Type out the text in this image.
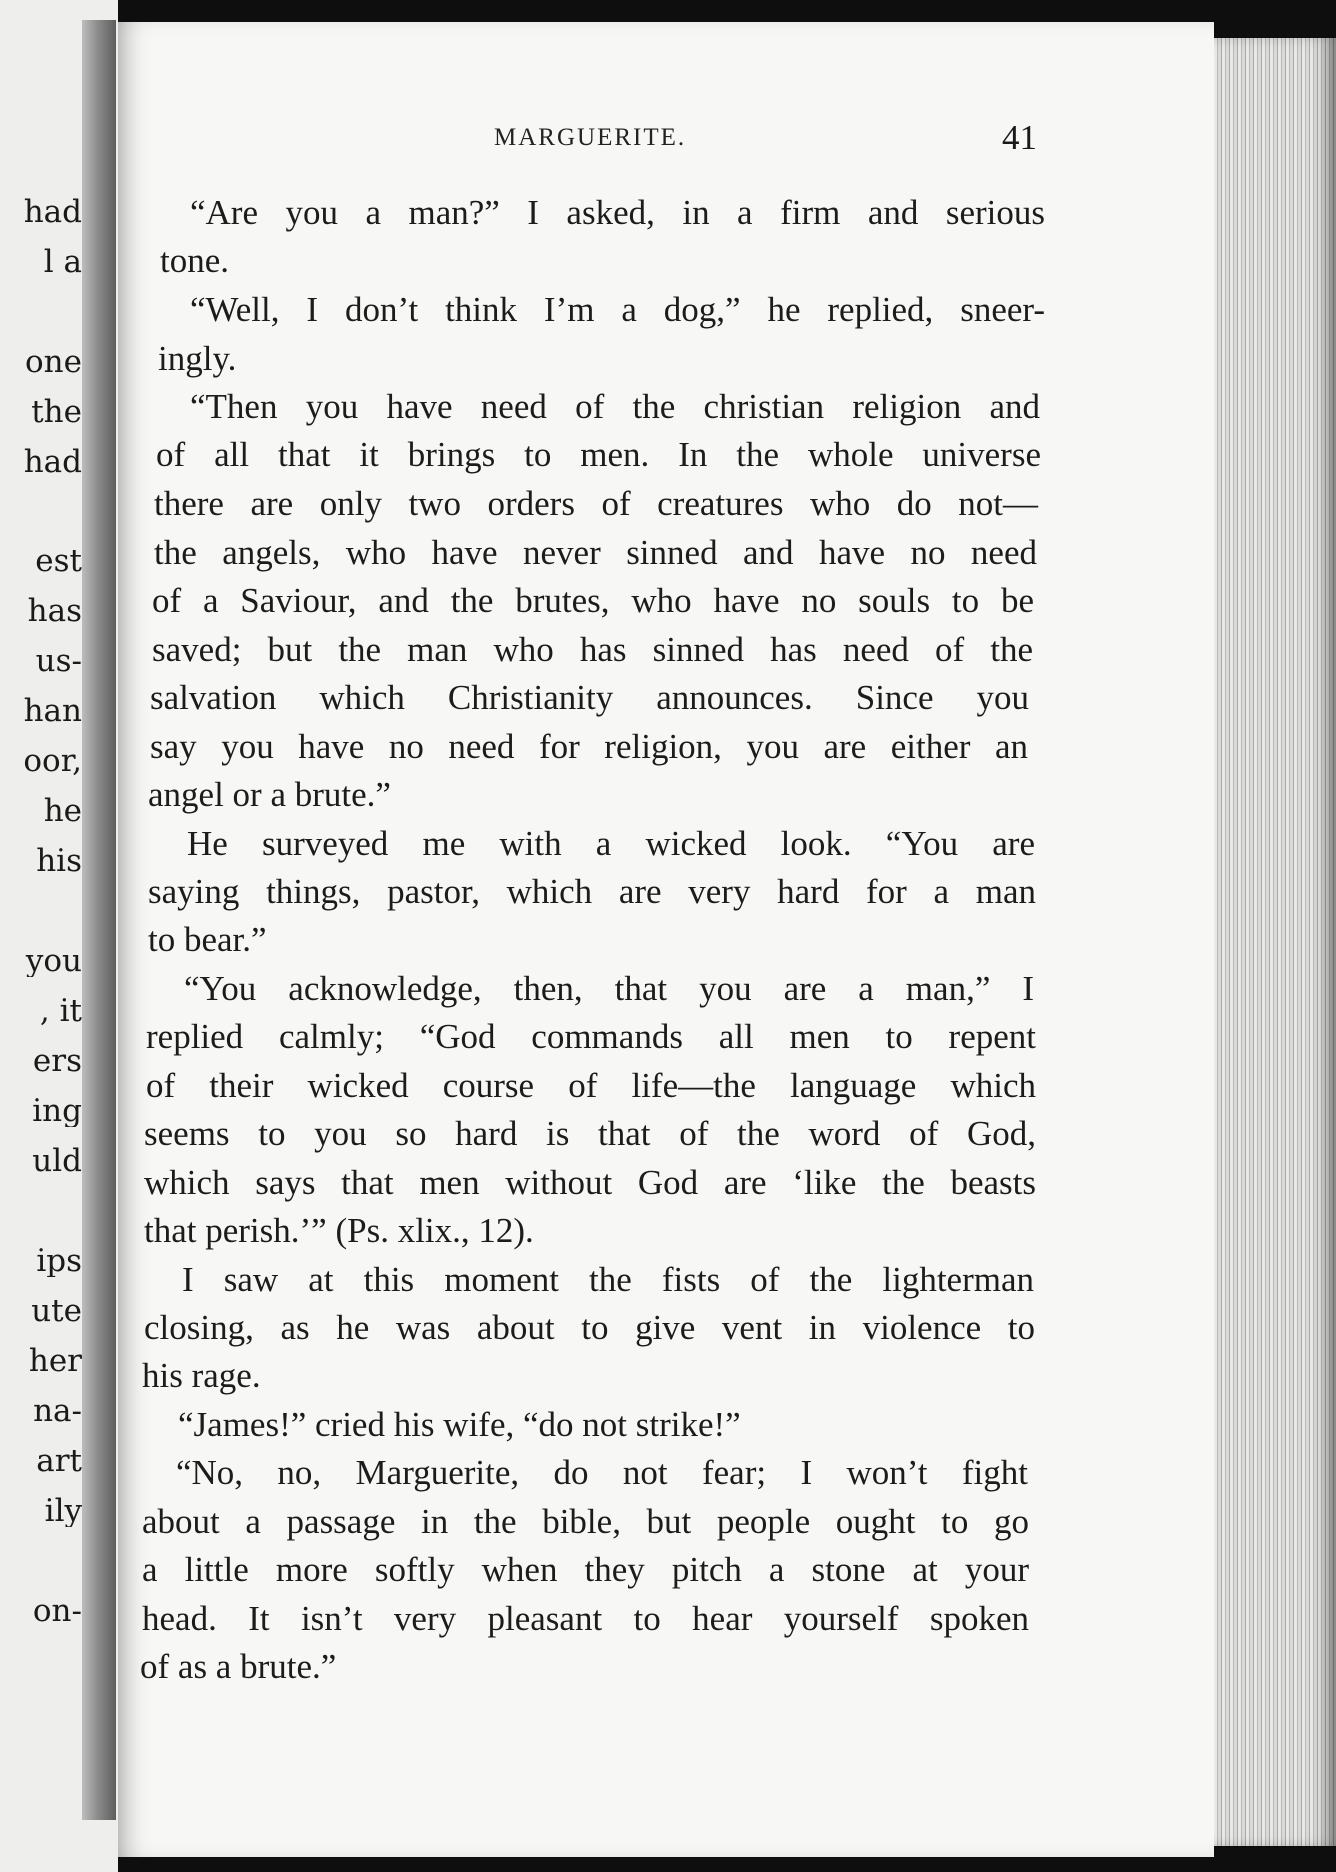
had
l a
one
the
had
est
has
us-
han
oor,
he
his
you
, it
ers
ing
uld
ips
ute
her
na-
art
ily
on-
MARGUERITE.	41
“Are you a man?” I asked, in a firm and serious
tone.
“Well, I don’t think I’m a dog,” he replied, sneer-
ingly.
“Then you have need of the christian religion and
of all that it brings to men. In the whole universe
there are only two orders of creatures who do not—
the angels, who have never sinned and have no need
of a Saviour, and the brutes, who have no souls to be
saved; but the man who has sinned has need of the
salvation which Christianity announces. Since you
say you have no need for religion, you are either an
angel or a brute.”
He surveyed me with a wicked look. “You are
saying things, pastor, which are very hard for a man
to bear.”
“You acknowledge, then, that you are a man,” I
replied calmly; “God commands all men to repent
of their wicked course of life—the language which
seems to you so hard is that of the word of God,
which says that men without God are ‘like the beasts
that perish.’” (Ps. xlix., 12).
I saw at this moment the fists of the lighterman
closing, as he was about to give vent in violence to
his rage.
“James!” cried his wife, “do not strike!”
“No, no, Marguerite, do not fear; I won’t fight
about a passage in the bible, but people ought to go
a little more softly when they pitch a stone at your
head. It isn’t very pleasant to hear yourself spoken
of as a brute.”
